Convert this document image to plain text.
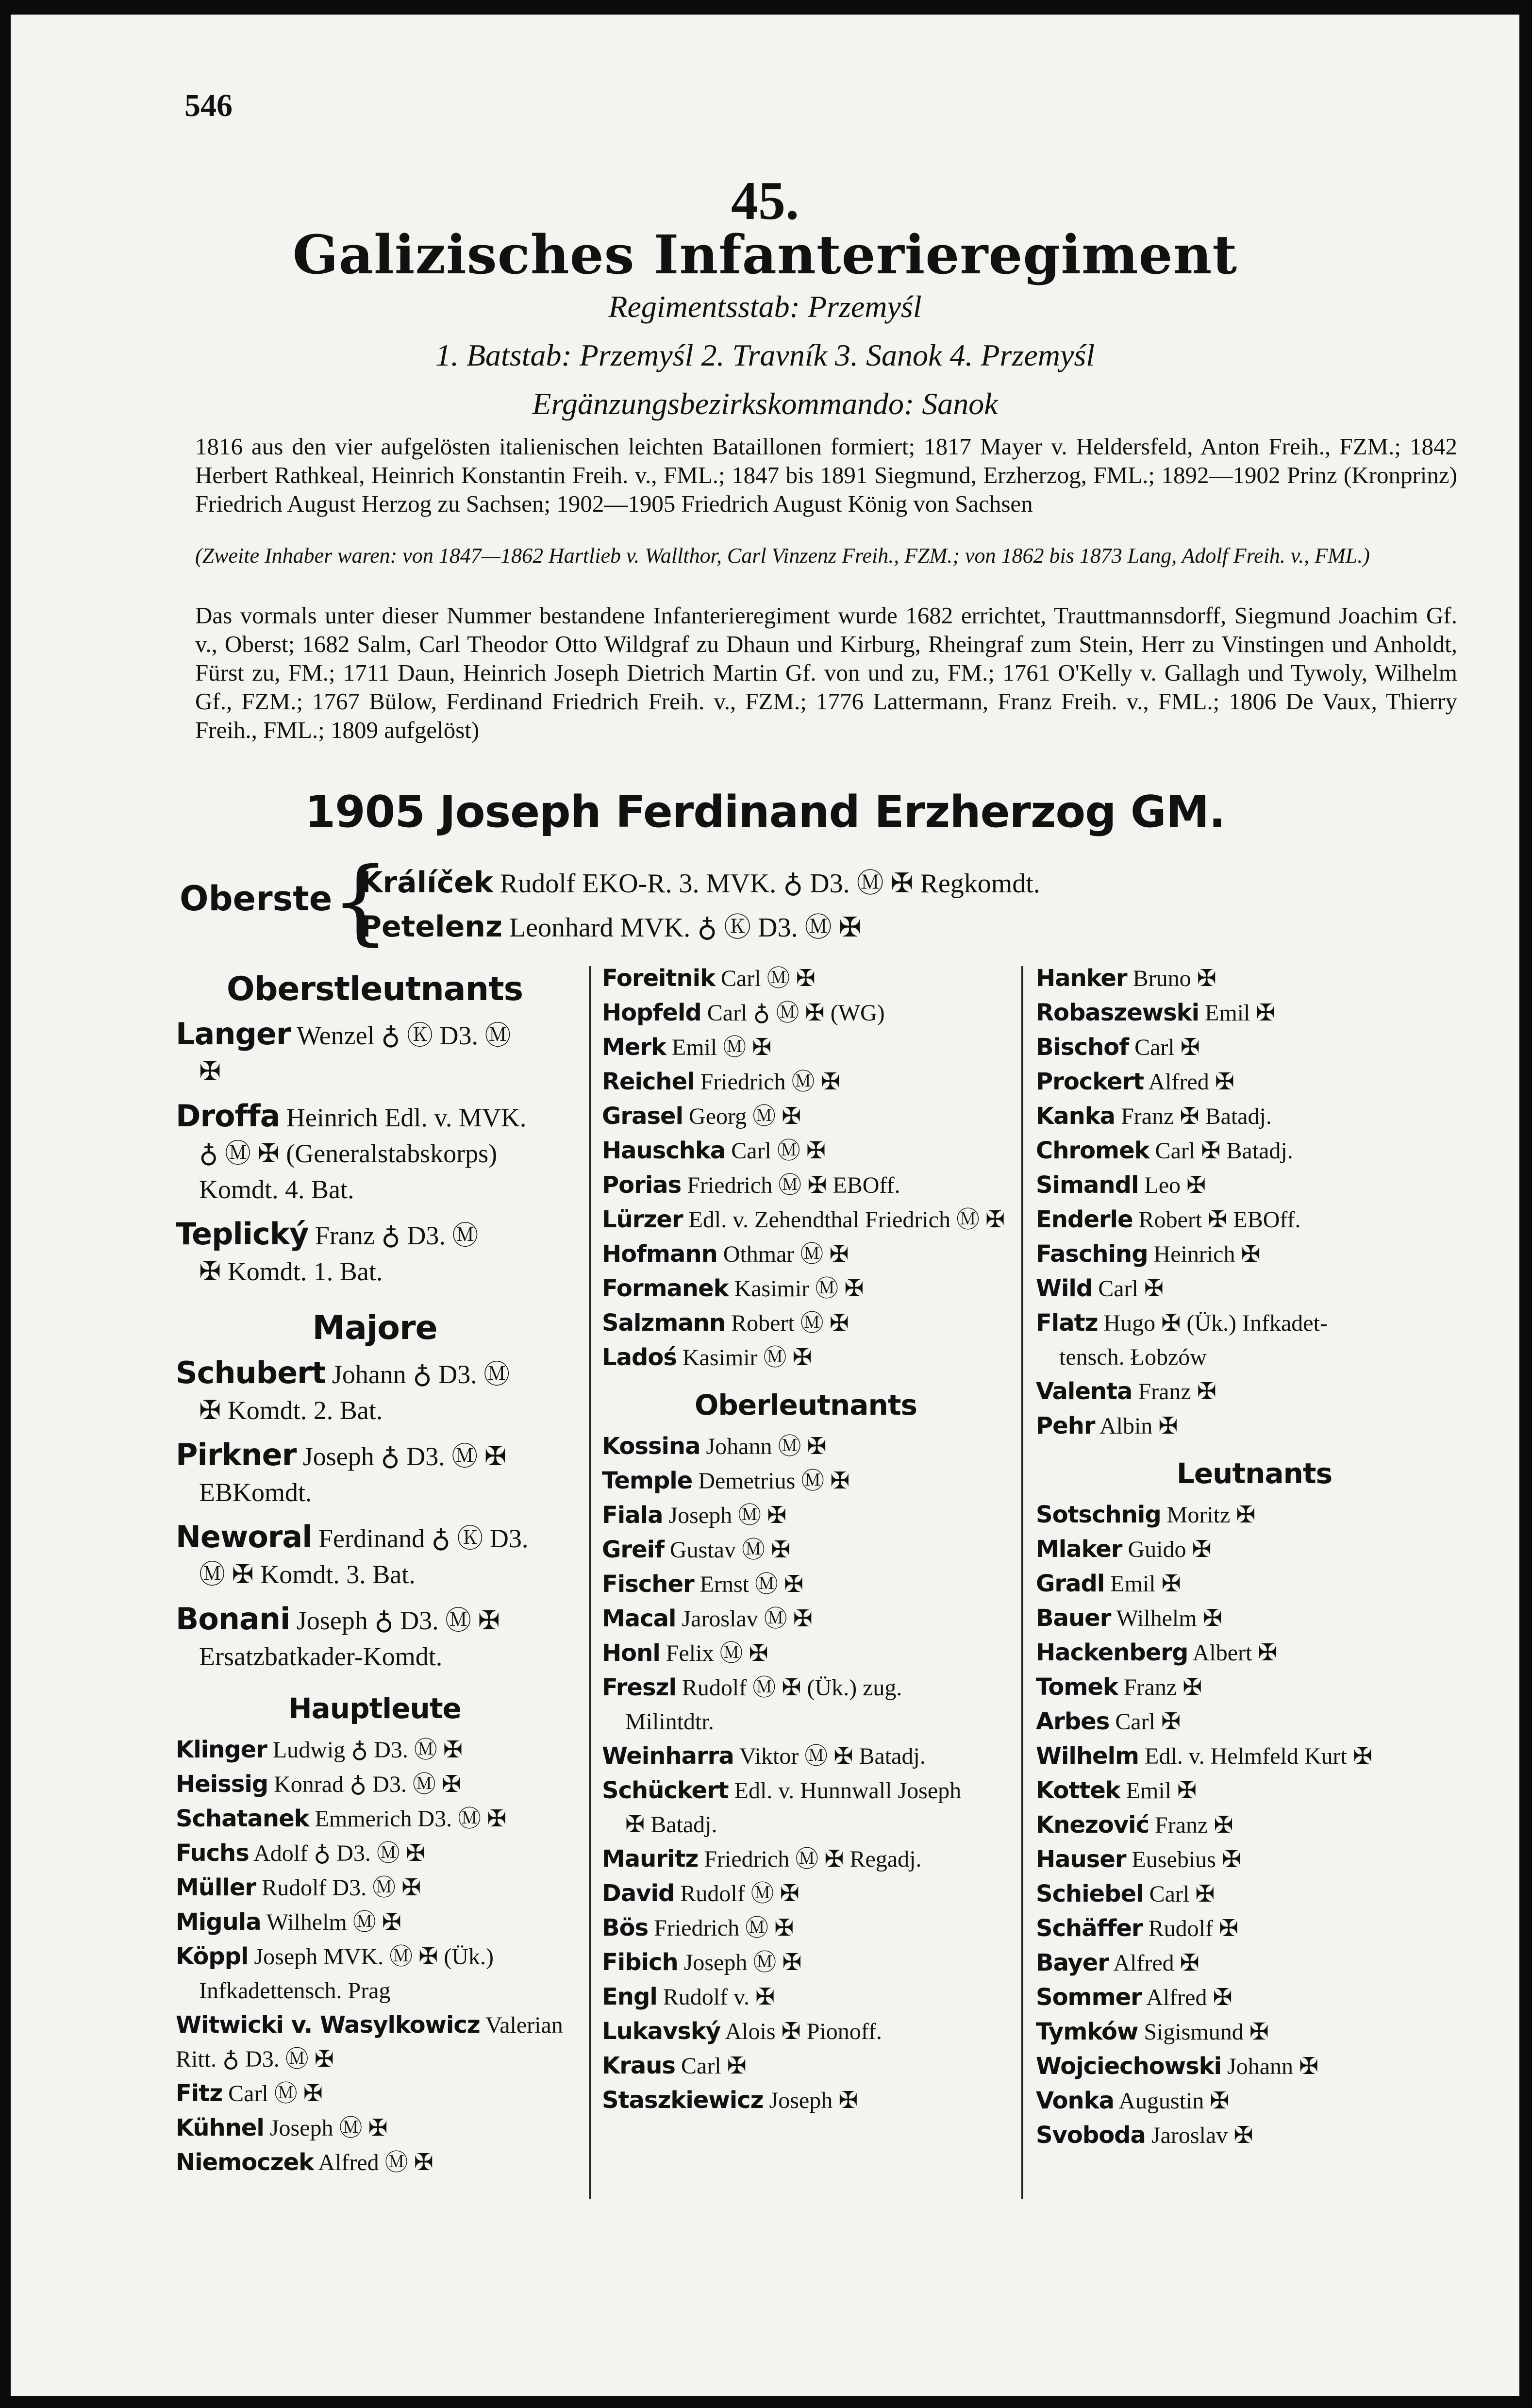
546
45.
Galizisches Infanterieregiment
Regimentsstab: Przemyśl
1. Batstab: Przemyśl 2. Travník 3. Sanok 4. Przemyśl
Ergänzungsbezirkskommando: Sanok
1816 aus den vier aufgelösten italienischen leichten Bataillonen formiert; 1817 Mayer v. Heldersfeld, Anton Freih., FZM.; 1842 Herbert Rathkeal, Heinrich Konstantin Freih. v., FML.; 1847 bis 1891 Siegmund, Erzherzog, FML.; 1892—1902 Prinz (Kronprinz) Friedrich August Herzog zu Sachsen; 1902—1905 Friedrich August König von Sachsen
(Zweite Inhaber waren: von 1847—1862 Hartlieb v. Wallthor, Carl Vinzenz Freih., FZM.; von 1862 bis 1873 Lang, Adolf Freih. v., FML.)
Das vormals unter dieser Nummer bestandene Infanterieregiment wurde 1682 errichtet, Trauttmannsdorff, Siegmund Joachim Gf. v., Oberst; 1682 Salm, Carl Theodor Otto Wildgraf zu Dhaun und Kirburg, Rheingraf zum Stein, Herr zu Vinstingen und Anholdt, Fürst zu, FM.; 1711 Daun, Heinrich Joseph Dietrich Martin Gf. von und zu, FM.; 1761 O'Kelly v. Gallagh und Tywoly, Wilhelm Gf., FZM.; 1767 Bülow, Ferdinand Friedrich Freih. v., FZM.; 1776 Lattermann, Franz Freih. v., FML.; 1806 De Vaux, Thierry Freih., FML.; 1809 aufgelöst)
1905 Joseph Ferdinand Erzherzog GM.
Oberste
{
Králíček Rudolf EKO-R. 3. MVK. ♁ D3. Ⓜ ✠ Regkomdt.
Petelenz Leonhard MVK. ♁ Ⓚ D3. Ⓜ ✠
Oberstleutnants
Langer Wenzel ♁ Ⓚ D3. Ⓜ
✠
Droffa Heinrich Edl. v. MVK.
♁ Ⓜ ✠ (Generalstabskorps) Komdt. 4. Bat.
Teplický Franz ♁ D3. Ⓜ
✠ Komdt. 1. Bat.
Majore
Schubert Johann ♁ D3. Ⓜ
✠ Komdt. 2. Bat.
Pirkner Joseph ♁ D3. Ⓜ ✠
EBKomdt.
Neworal Ferdinand ♁ Ⓚ D3.
Ⓜ ✠ Komdt. 3. Bat.
Bonani Joseph ♁ D3. Ⓜ ✠
Ersatzbatkader-Komdt.
Hauptleute
Klinger Ludwig ♁ D3. Ⓜ ✠
Heissig Konrad ♁ D3. Ⓜ ✠
Schatanek Emmerich D3. Ⓜ ✠
Fuchs Adolf ♁ D3. Ⓜ ✠
Müller Rudolf D3. Ⓜ ✠
Migula Wilhelm Ⓜ ✠
Köppl Joseph MVK. Ⓜ ✠ (Ük.)
Infkadettensch. Prag
Witwicki v. Wasylkowicz Valerian Ritt. ♁ D3. Ⓜ ✠
Fitz Carl Ⓜ ✠
Kühnel Joseph Ⓜ ✠
Niemoczek Alfred Ⓜ ✠
Foreitnik Carl Ⓜ ✠
Hopfeld Carl ♁ Ⓜ ✠ (WG)
Merk Emil Ⓜ ✠
Reichel Friedrich Ⓜ ✠
Grasel Georg Ⓜ ✠
Hauschka Carl Ⓜ ✠
Porias Friedrich Ⓜ ✠ EBOff.
Lürzer Edl. v. Zehendthal Friedrich Ⓜ ✠
Hofmann Othmar Ⓜ ✠
Formanek Kasimir Ⓜ ✠
Salzmann Robert Ⓜ ✠
Ladoś Kasimir Ⓜ ✠
Oberleutnants
Kossina Johann Ⓜ ✠
Temple Demetrius Ⓜ ✠
Fiala Joseph Ⓜ ✠
Greif Gustav Ⓜ ✠
Fischer Ernst Ⓜ ✠
Macal Jaroslav Ⓜ ✠
Honl Felix Ⓜ ✠
Freszl Rudolf Ⓜ ✠ (Ük.) zug.
Milintdtr.
Weinharra Viktor Ⓜ ✠ Batadj.
Schückert Edl. v. Hunnwall Joseph
✠ Batadj.
Mauritz Friedrich Ⓜ ✠ Regadj.
David Rudolf Ⓜ ✠
Bös Friedrich Ⓜ ✠
Fibich Joseph Ⓜ ✠
Engl Rudolf v. ✠
Lukavský Alois ✠ Pionoff.
Kraus Carl ✠
Staszkiewicz Joseph ✠
Hanker Bruno ✠
Robaszewski Emil ✠
Bischof Carl ✠
Prockert Alfred ✠
Kanka Franz ✠ Batadj.
Chromek Carl ✠ Batadj.
Simandl Leo ✠
Enderle Robert ✠ EBOff.
Fasching Heinrich ✠
Wild Carl ✠
Flatz Hugo ✠ (Ük.) Infkadet-
tensch. Łobzów
Valenta Franz ✠
Pehr Albin ✠
Leutnants
Sotschnig Moritz ✠
Mlaker Guido ✠
Gradl Emil ✠
Bauer Wilhelm ✠
Hackenberg Albert ✠
Tomek Franz ✠
Arbes Carl ✠
Wilhelm Edl. v. Helmfeld Kurt ✠
Kottek Emil ✠
Knezović Franz ✠
Hauser Eusebius ✠
Schiebel Carl ✠
Schäffer Rudolf ✠
Bayer Alfred ✠
Sommer Alfred ✠
Tymków Sigismund ✠
Wojciechowski Johann ✠
Vonka Augustin ✠
Svoboda Jaroslav ✠
